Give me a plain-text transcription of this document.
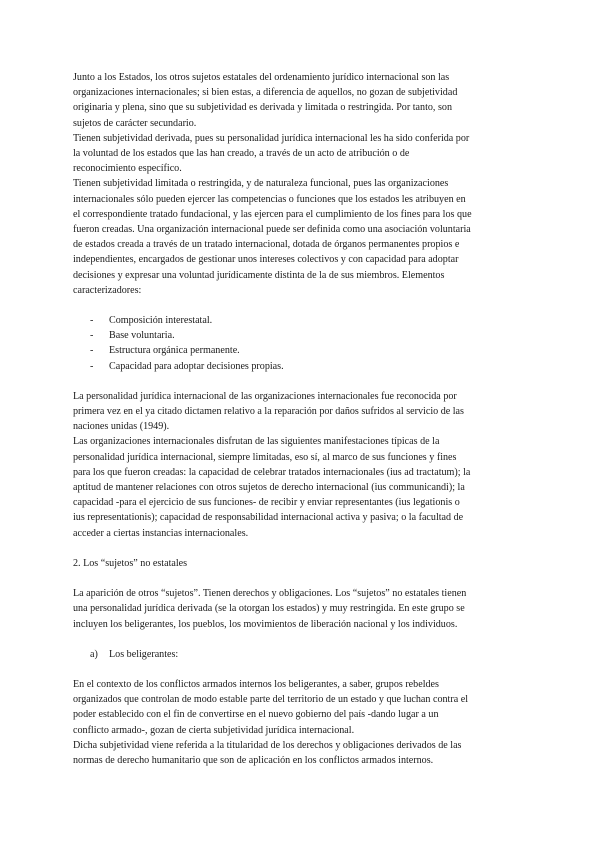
Junto a los Estados, los otros sujetos estatales del ordenamiento jurídico internacional son las organizaciones internacionales; si bien estas, a diferencia de aquellos, no gozan de subjetividad originaria y plena, sino que su subjetividad es derivada y limitada o restringida. Por tanto, son sujetos de carácter secundario.

Tienen subjetividad derivada, pues su personalidad jurídica internacional les ha sido conferida por la voluntad de los estados que las han creado, a través de un acto de atribución o de reconocimiento específico.

Tienen subjetividad limitada o restringida, y de naturaleza funcional, pues las organizaciones internacionales sólo pueden ejercer las competencias o funciones que los estados les atribuyen en el correspondiente tratado fundacional, y las ejercen para el cumplimiento de los fines para los que fueron creadas. Una organización internacional puede ser definida como una asociación voluntaria de estados creada a través de un tratado internacional, dotada de órganos permanentes propios e independientes, encargados de gestionar unos intereses colectivos y con capacidad para adoptar decisiones y expresar una voluntad jurídicamente distinta de la de sus miembros. Elementos caracterizadores:

- Composición interestatal.
- Base voluntaria.
- Estructura orgánica permanente.
- Capacidad para adoptar decisiones propias.

La personalidad jurídica internacional de las organizaciones internacionales fue reconocida por primera vez en el ya citado dictamen relativo a la reparación por daños sufridos al servicio de las naciones unidas (1949).

Las organizaciones internacionales disfrutan de las siguientes manifestaciones típicas de la personalidad jurídica internacional, siempre limitadas, eso sí, al marco de sus funciones y fines para los que fueron creadas: la capacidad de celebrar tratados internacionales (ius ad tractatum); la aptitud de mantener relaciones con otros sujetos de derecho internacional (ius communicandi); la capacidad -para el ejercicio de sus funciones- de recibir y enviar representantes (ius legationis o ius representationis); capacidad de responsabilidad internacional activa y pasiva; o la facultad de acceder a ciertas instancias internacionales.

2. Los “sujetos” no estatales

La aparición de otros “sujetos”. Tienen derechos y obligaciones. Los “sujetos” no estatales tienen una personalidad jurídica derivada (se la otorgan los estados) y muy restringida. En este grupo se incluyen los beligerantes, los pueblos, los movimientos de liberación nacional y los individuos.

a) Los beligerantes:

En el contexto de los conflictos armados internos los beligerantes, a saber, grupos rebeldes organizados que controlan de modo estable parte del territorio de un estado y que luchan contra el poder establecido con el fin de convertirse en el nuevo gobierno del país -dando lugar a un conflicto armado-, gozan de cierta subjetividad jurídica internacional.

Dicha subjetividad viene referida a la titularidad de los derechos y obligaciones derivados de las normas de derecho humanitario que son de aplicación en los conflictos armados internos.
